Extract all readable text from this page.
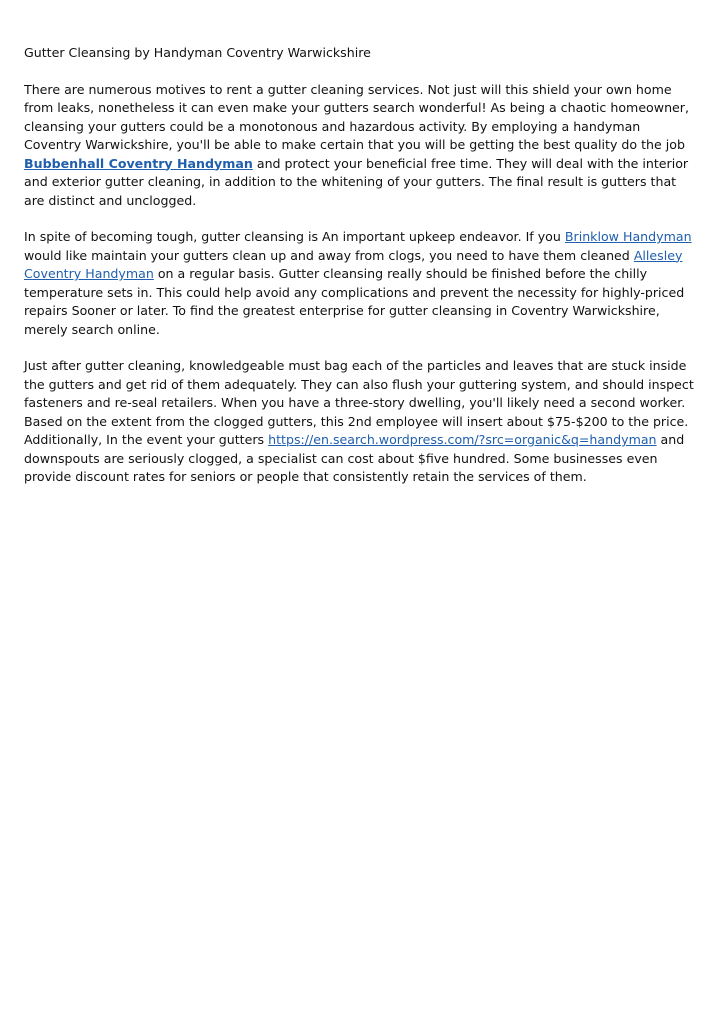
Gutter Cleansing by Handyman Coventry Warwickshire

There are numerous motives to rent a gutter cleaning services. Not just will this shield your own home from leaks, nonetheless it can even make your gutters search wonderful! As being a chaotic homeowner, cleansing your gutters could be a monotonous and hazardous activity. By employing a handyman Coventry Warwickshire, you'll be able to make certain that you will be getting the best quality do the job Bubbenhall Coventry Handyman and protect your beneficial free time. They will deal with the interior and exterior gutter cleaning, in addition to the whitening of your gutters. The final result is gutters that are distinct and unclogged.

In spite of becoming tough, gutter cleansing is An important upkeep endeavor. If you Brinklow Handyman would like maintain your gutters clean up and away from clogs, you need to have them cleaned Allesley Coventry Handyman on a regular basis. Gutter cleansing really should be finished before the chilly temperature sets in. This could help avoid any complications and prevent the necessity for highly-priced repairs Sooner or later. To find the greatest enterprise for gutter cleansing in Coventry Warwickshire, merely search online.

Just after gutter cleaning, knowledgeable must bag each of the particles and leaves that are stuck inside the gutters and get rid of them adequately. They can also flush your guttering system, and should inspect fasteners and re-seal retailers. When you have a three-story dwelling, you'll likely need a second worker. Based on the extent from the clogged gutters, this 2nd employee will insert about $75-$200 to the price. Additionally, In the event your gutters https://en.search.wordpress.com/?src=organic&q=handyman and downspouts are seriously clogged, a specialist can cost about $five hundred. Some businesses even provide discount rates for seniors or people that consistently retain the services of them.
